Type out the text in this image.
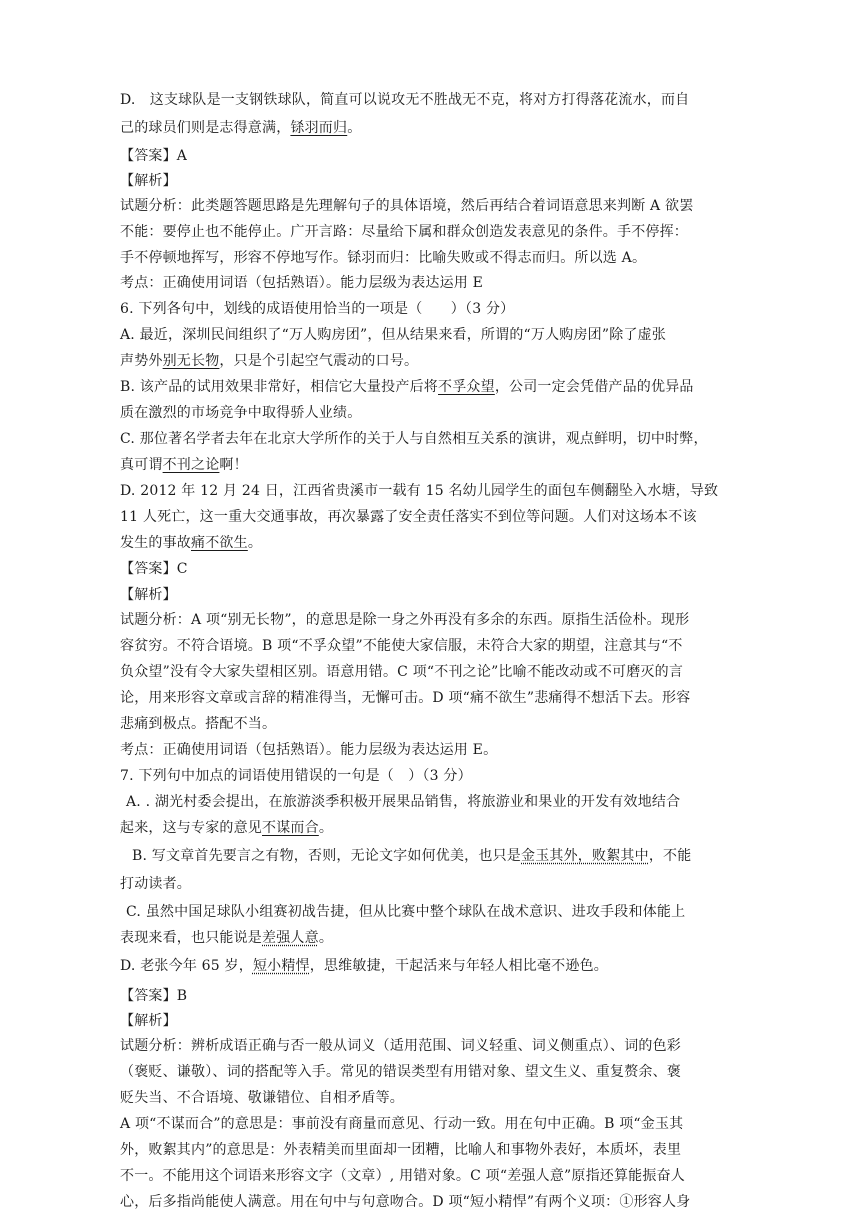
D.　这支球队是一支钢铁球队，简直可以说攻无不胜战无不克，将对方打得落花流水，而自
己的球员们则是志得意满，铩羽而归。
【答案】A
【解析】
试题分析：此类题答题思路是先理解句子的具体语境，然后再结合着词语意思来判断 A 欲罢
不能：要停止也不能停止。广开言路：尽量给下属和群众创造发表意见的条件。手不停挥：
手不停顿地挥写，形容不停地写作。铩羽而归：比喻失败或不得志而归。所以选 A。
考点：正确使用词语（包括熟语）。能力层级为表达运用 E
6. 下列各句中，划线的成语使用恰当的一项是（　　）（3 分）
A. 最近，深圳民间组织了“万人购房团”，但从结果来看，所谓的“万人购房团”除了虚张
声势外别无长物，只是个引起空气震动的口号。
B. 该产品的试用效果非常好，相信它大量投产后将不孚众望，公司一定会凭借产品的优异品
质在激烈的市场竞争中取得骄人业绩。
C. 那位著名学者去年在北京大学所作的关于人与自然相互关系的演讲，观点鲜明，切中时弊，
真可谓不刊之论啊！
D. 2012 年 12 月 24 日，江西省贵溪市一载有 15 名幼儿园学生的面包车侧翻坠入水塘，导致
11 人死亡，这一重大交通事故，再次暴露了安全责任落实不到位等问题。人们对这场本不该
发生的事故痛不欲生。
【答案】C
【解析】
试题分析：A 项“别无长物”，的意思是除一身之外再没有多余的东西。原指生活俭朴。现形
容贫穷。不符合语境。B 项“不孚众望”不能使大家信服，未符合大家的期望，注意其与“不
负众望”没有令大家失望相区别。语意用错。C 项“不刊之论”比喻不能改动或不可磨灭的言
论，用来形容文章或言辞的精准得当，无懈可击。D 项“痛不欲生”悲痛得不想活下去。形容
悲痛到极点。搭配不当。
考点：正确使用词语（包括熟语）。能力层级为表达运用 E。
7. 下列句中加点的词语使用错误的一句是（　）（3 分）
A. . 湖光村委会提出，在旅游淡季积极开展果品销售，将旅游业和果业的开发有效地结合
起来，这与专家的意见不谋而合。
B. 写文章首先要言之有物，否则，无论文字如何优美，也只是金玉其外，败絮其中，不能
打动读者。
C. 虽然中国足球队小组赛初战告捷，但从比赛中整个球队在战术意识、进攻手段和体能上
表现来看，也只能说是差强人意。
D. 老张今年 65 岁，短小精悍，思维敏捷，干起活来与年轻人相比毫不逊色。
【答案】B
【解析】
试题分析：辨析成语正确与否一般从词义（适用范围、词义轻重、词义侧重点）、词的色彩
（褒贬、谦敬）、词的搭配等入手。常见的错误类型有用错对象、望文生义、重复赘余、褒
贬失当、不合语境、敬谦错位、自相矛盾等。
A 项“不谋而合”的意思是：事前没有商量而意见、行动一致。用在句中正确。B 项“金玉其
外，败絮其内”的意思是：外表精美而里面却一团糟，比喻人和事物外表好，本质坏，表里
不一。不能用这个词语来形容文字（文章）, 用错对象。C 项“差强人意”原指还算能振奋人
心，后多指尚能使人满意。用在句中与句意吻合。D 项“短小精悍”有两个义项：①形容人身
